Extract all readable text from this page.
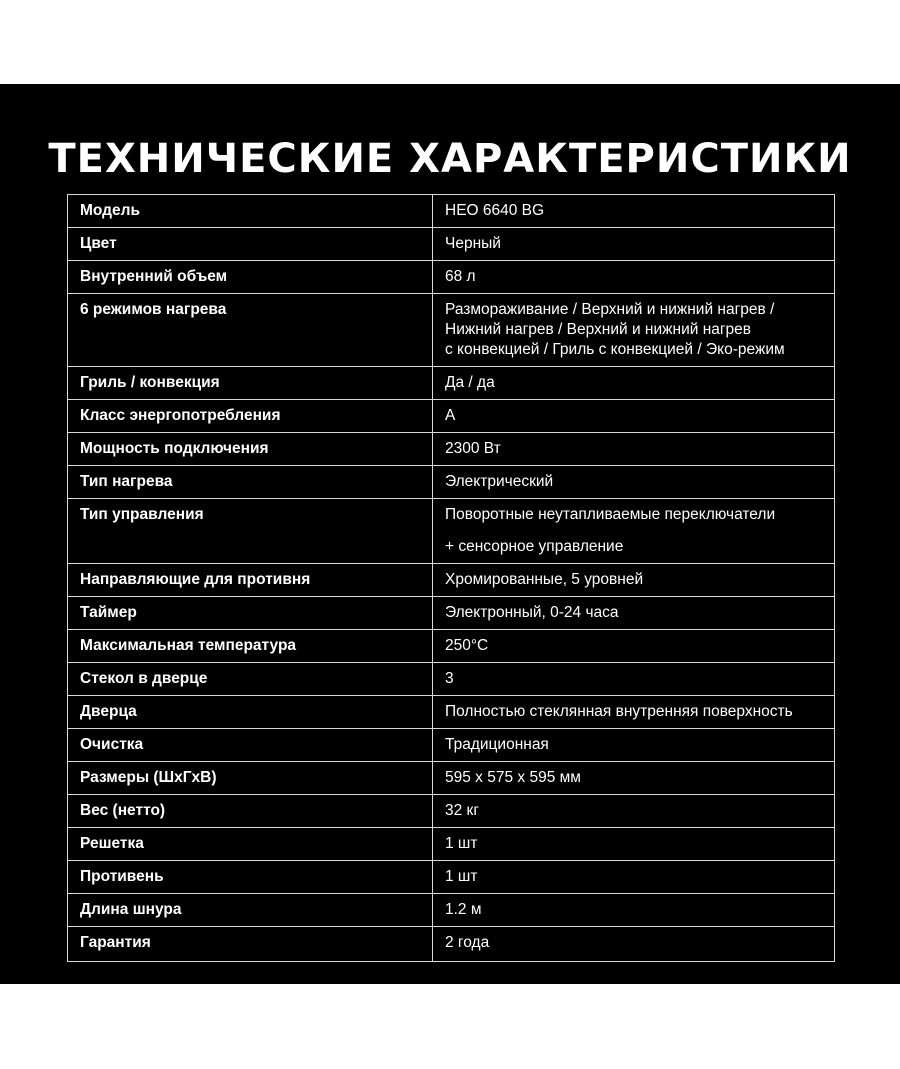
ТЕХНИЧЕСКИЕ ХАРАКТЕРИСТИКИ
Модель	HEO 6640 BG

Цвет	Черный

Внутренний объем	68 л

6 режимов нагрева	Размораживание / Верхний и нижний нагрев /
Нижний нагрев / Верхний и нижний нагрев
с конвекцией / Гриль с конвекцией / Эко-режим

Гриль / конвекция	Да / да

Класс энергопотребления	A

Мощность подключения	2300 Вт

Тип нагрева	Электрический

Тип управления	Поворотные неутапливаемые переключатели
+ сенсорное управление

Направляющие для противня	Хромированные, 5 уровней

Таймер	Электронный, 0-24 часа

Максимальная температура	250°C

Стекол в дверце	3

Дверца	Полностью стеклянная внутренняя поверхность

Очистка	Традиционная

Размеры (ШхГхВ)	595 x 575 x 595 мм

Вес (нетто)	32 кг

Решетка	1 шт

Противень	1 шт

Длина шнура	1.2 м

Гарантия	2 года
